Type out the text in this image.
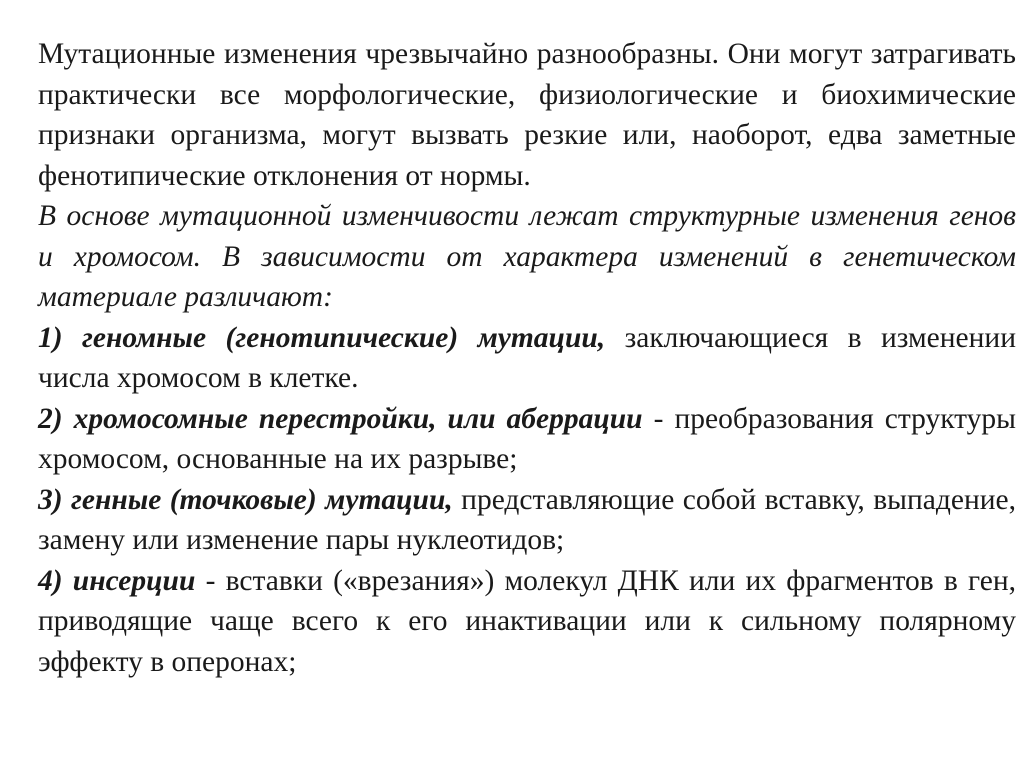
Мутационные изменения чрезвычайно разнообразны. Они могут затрагивать практически все морфологические, физиологические и биохимические признаки организма, могут вызвать резкие или, наоборот, едва заметные фенотипические отклонения от нормы.

В основе мутационной изменчивости лежат структурные изменения генов и хромосом. В зависимости от характера изменений в генетическом материале различают:

1) геномные (генотипические) мутации, заключающиеся в изменении числа хромосом в клетке.

2) хромосомные перестройки, или аберрации - преобразования структуры хромосом, основанные на их разрыве;

3) генные (точковые) мутации, представляющие собой вставку, выпадение, замену или изменение пары нуклеотидов;

4) инсерции - вставки («врезания») молекул ДНК или их фрагментов в ген, приводящие чаще всего к его инактивации или к сильному полярному эффекту в оперонах;
